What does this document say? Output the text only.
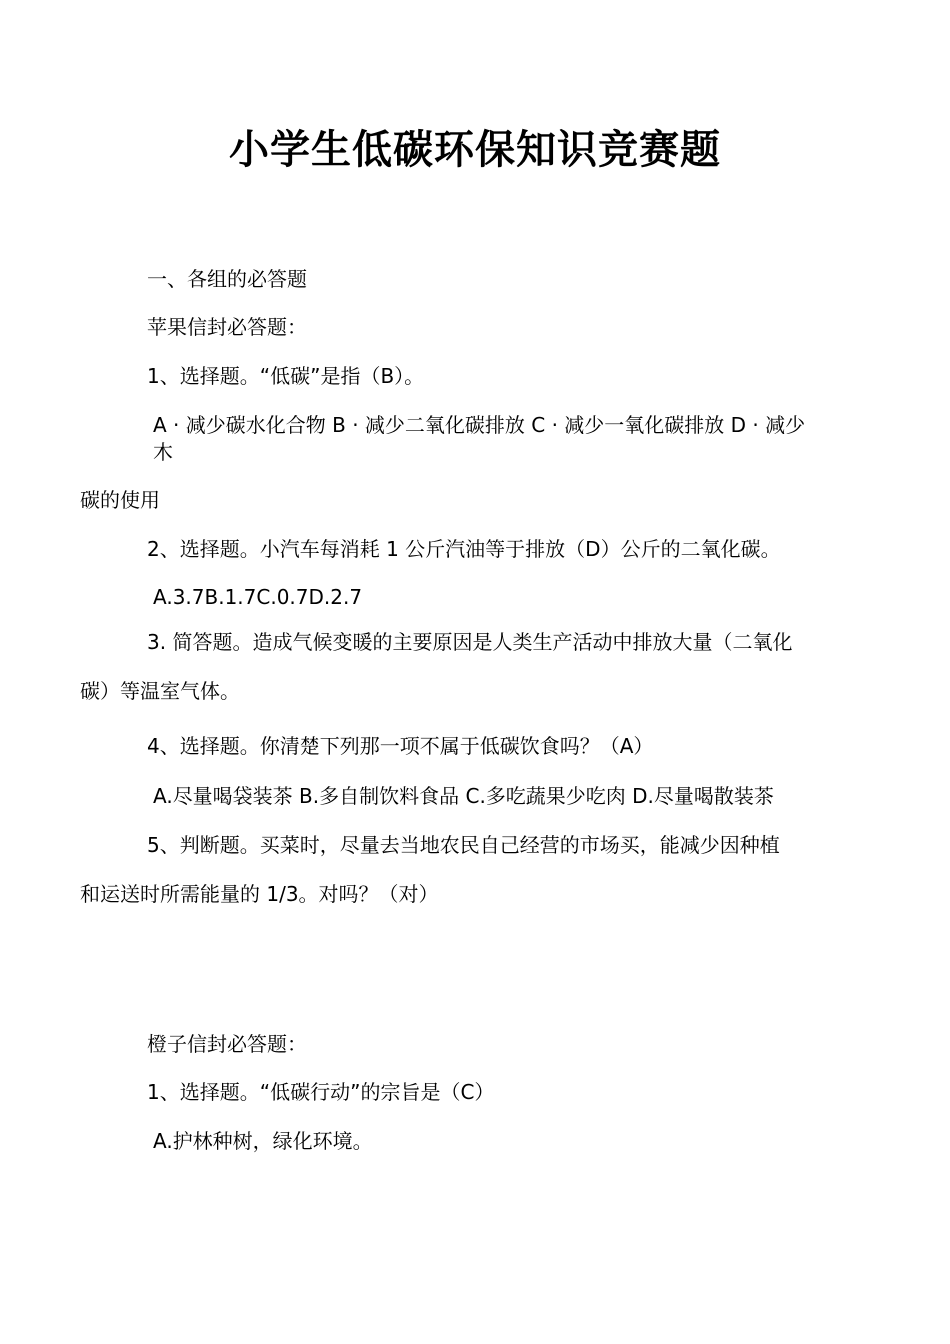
小学生低碳环保知识竞赛题
一、各组的必答题
苹果信封必答题：
1、选择题。“低碳”是指（B）。
A · 减少碳水化合物 B · 减少二氧化碳排放 C · 减少一氧化碳排放 D · 减少
木
碳的使用
2、选择题。小汽车每消耗 1 公斤汽油等于排放（D）公斤的二氧化碳。
A.3.7B.1.7C.0.7D.2.7
3. 简答题。造成气候变暖的主要原因是人类生产活动中排放大量（二氧化
碳）等温室气体。
4、选择题。你清楚下列那一项不属于低碳饮食吗？（A）
A.尽量喝袋装茶 B.多自制饮料食品 C.多吃蔬果少吃肉 D.尽量喝散装茶
5、判断题。买菜时，尽量去当地农民自己经营的市场买，能减少因种植
和运送时所需能量的 1/3。对吗？（对）
橙子信封必答题：
1、选择题。“低碳行动”的宗旨是（C）
A.护林种树，绿化环境。
